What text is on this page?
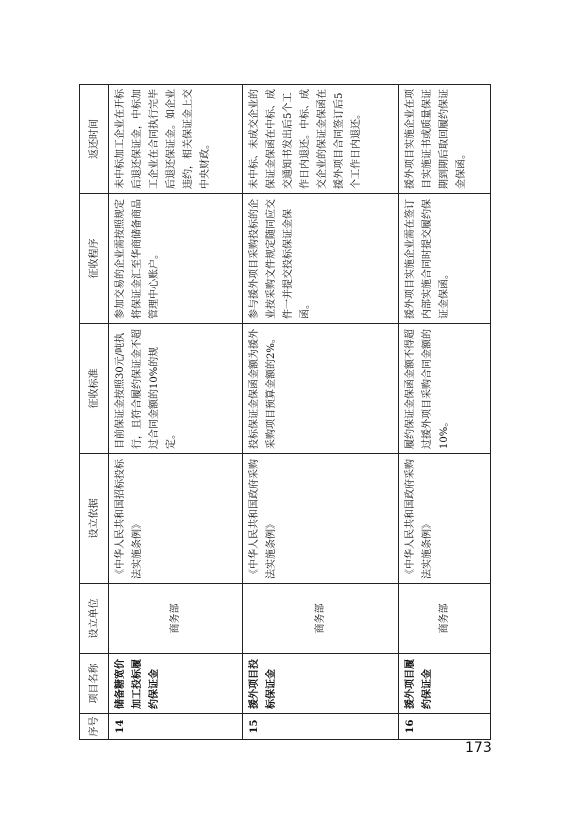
序号	项目名称	设立单位	设立依据	征收标准	征收程序	返还时间
14	储备糖宽价加工投标履约保证金	商务部	《中华人民共和国招标投标法实施条例》	目前保证金按照30元/吨执行，且符合履约保证金不超过合同金额的10%的规定。	参加交易的企业需按照规定将保证金汇至华商储备商品管理中心账户。	未中标加工企业在开标后退还保证金，中标加工企业在合同执行完毕后退还保证金。如企业违约，相关保证金上交中央财政。
15	援外项目投标保证金	商务部	《中华人民共和国政府采购法实施条例》	投标保证金保函金额为援外采购项目预算金额的2%。	参与援外项目采购投标的企业按采购文件规定随同应交件一并提交投标保证金保函。	未中标、未成交企业的保证金保函在中标、成交通知书发出后5个工作日内退还。中标、成交企业的保证金保函在援外项目合同签订后5个工作日内退还。
16	援外项目履约保证金	商务部	《中华人民共和国政府采购法实施条例》	履约保证金保函金额不得超过援外项目采购合同金额的10%。	援外项目实施企业需在签订内部实施合同时提交履约保证金保函。	援外项目实施企业在项目实施证书或质量保证期到期后取回履约保证金保函。
173
